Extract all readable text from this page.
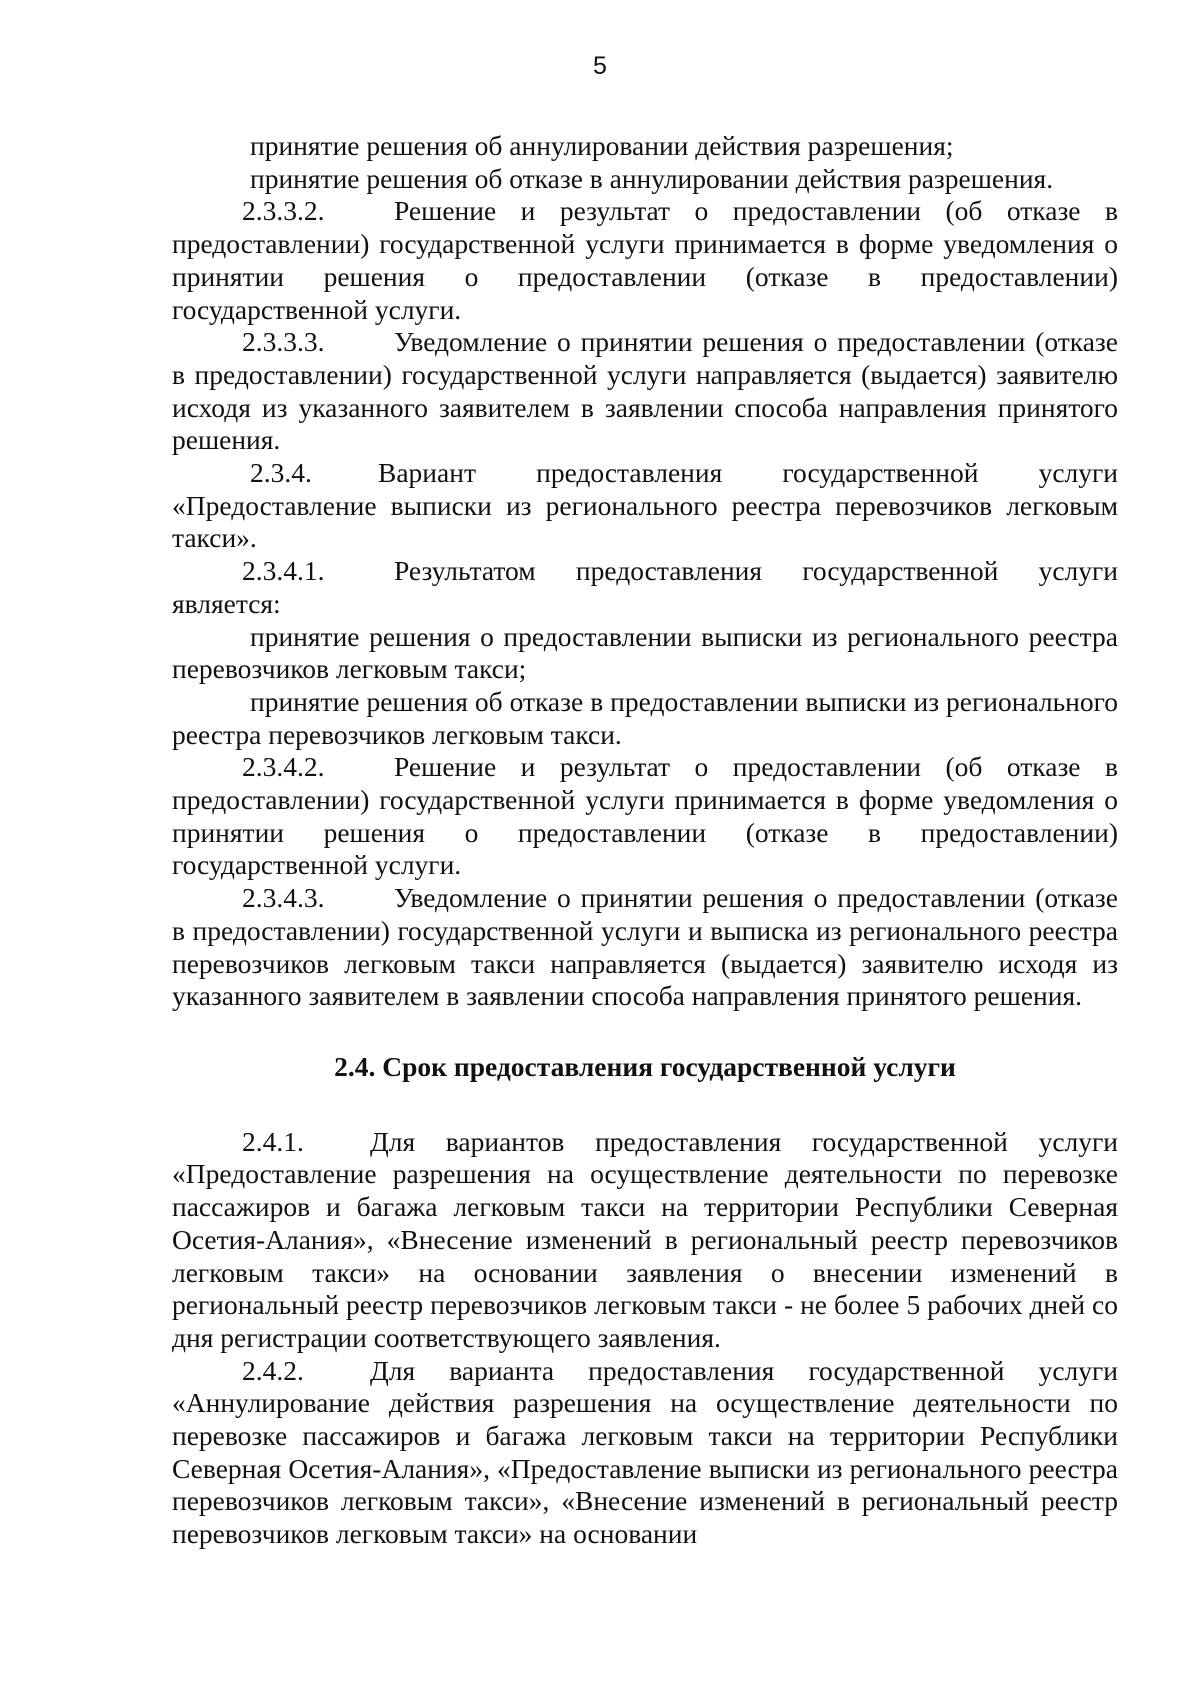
5

принятие решения об аннулировании действия разрешения;

принятие решения об отказе в аннулировании действия разрешения.

2.3.3.2.	Решение и результат о предоставлении (об отказе в предоставлении) государственной услуги принимается в форме уведомления о принятии решения о предоставлении (отказе в предоставлении) государственной услуги.

2.3.3.3.	Уведомление о принятии решения о предоставлении (отказе в предоставлении) государственной услуги направляется (выдается) заявителю исходя из указанного заявителем в заявлении способа направления принятого решения.

2.3.4. Вариант предоставления государственной услуги «Предоставление выписки из регионального реестра перевозчиков легковым такси».

2.3.4.1.	Результатом предоставления государственной услуги является:

принятие решения о предоставлении выписки из регионального реестра перевозчиков легковым такси;

принятие решения об отказе в предоставлении выписки из регионального реестра перевозчиков легковым такси.

2.3.4.2.	Решение и результат о предоставлении (об отказе в предоставлении) государственной услуги принимается в форме уведомления о принятии решения о предоставлении (отказе в предоставлении) государственной услуги.

2.3.4.3.	Уведомление о принятии решения о предоставлении (отказе в предоставлении) государственной услуги и выписка из регионального реестра перевозчиков легковым такси направляется (выдается) заявителю исходя из указанного заявителем в заявлении способа направления принятого решения.

2.4. Срок предоставления государственной услуги

2.4.1. Для вариантов предоставления государственной услуги «Предоставление разрешения на осуществление деятельности по перевозке пассажиров и багажа легковым такси на территории Республики Северная Осетия-Алания», «Внесение изменений в региональный реестр перевозчиков легковым такси» на основании заявления о внесении изменений в региональный реестр перевозчиков легковым такси - не более 5 рабочих дней со дня регистрации соответствующего заявления.

2.4.2. Для варианта предоставления государственной услуги «Аннулирование действия разрешения на осуществление деятельности по перевозке пассажиров и багажа легковым такси на территории Республики Северная Осетия-Алания», «Предоставление выписки из регионального реестра перевозчиков легковым такси», «Внесение изменений в региональный реестр перевозчиков легковым такси» на основании
